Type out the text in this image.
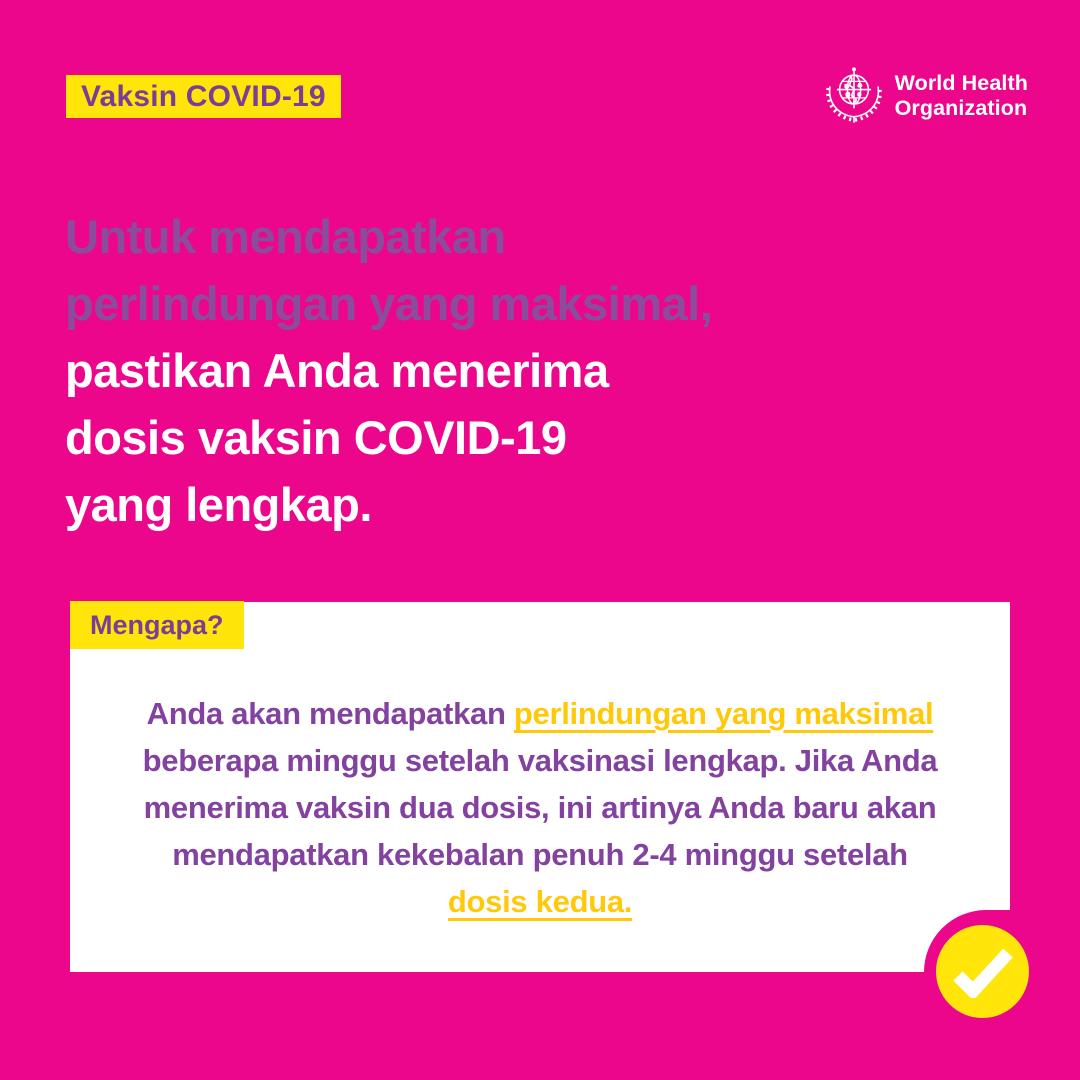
Vaksin COVID-19	World Health
Organization
Untuk mendapatkan
perlindungan yang maksimal,
pastikan Anda menerima
dosis vaksin COVID-19
yang lengkap.
Mengapa?
Anda akan mendapatkan perlindungan yang maksimal
beberapa minggu setelah vaksinasi lengkap. Jika Anda
menerima vaksin dua dosis, ini artinya Anda baru akan
mendapatkan kekebalan penuh 2-4 minggu setelah
dosis kedua.
